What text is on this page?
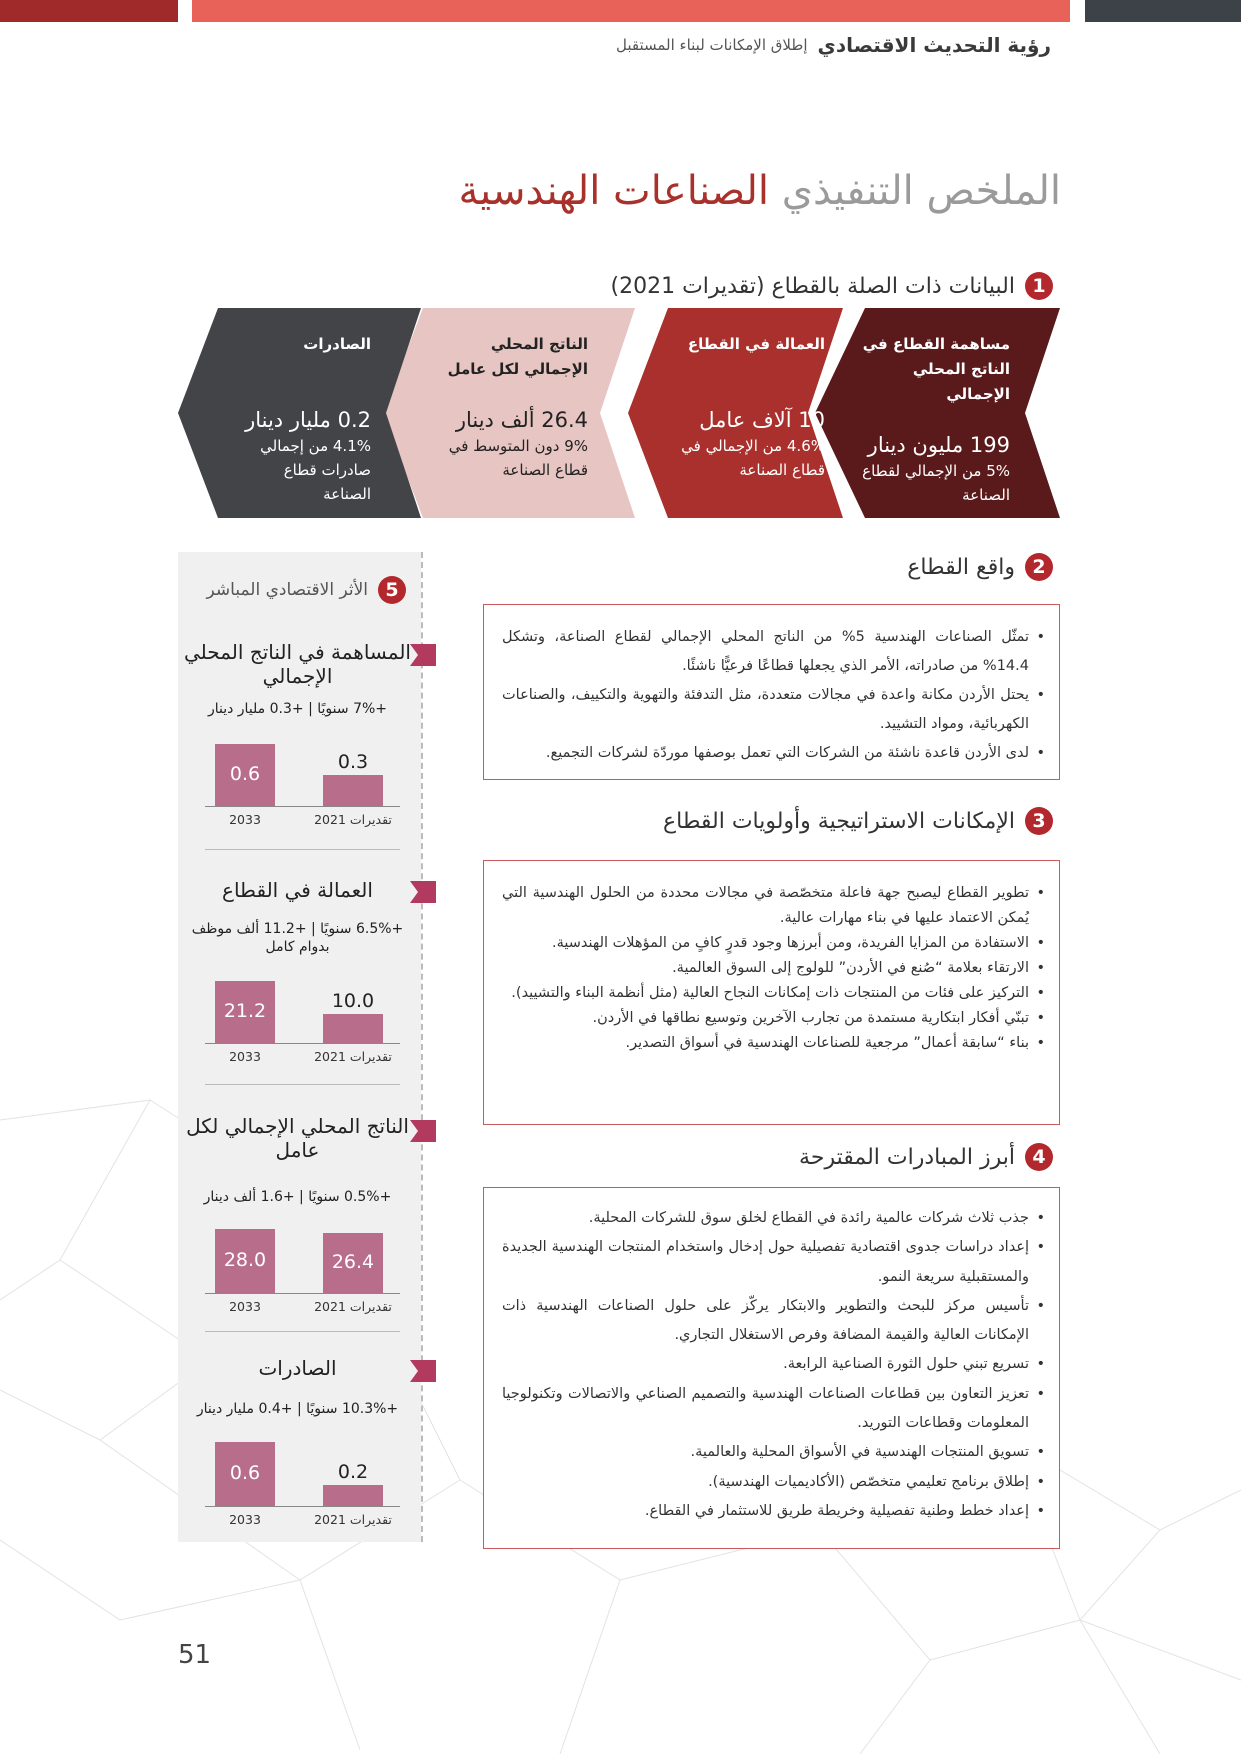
رؤية التحديث الاقتصادي
إطلاق الإمكانات لبناء المستقبل
الملخص التنفيذي الصناعات الهندسية
1
البيانات ذات الصلة بالقطاع (تقديرات 2021)
مساهمة القطاع في الناتج المحلي الإجمالي
199 مليون دينار
5% من الإجمالي لقطاع الصناعة
العمالة في القطاع
10 آلاف عامل
4.6% من الإجمالي في قطاع الصناعة
الناتج المحلي الإجمالي لكل عامل
26.4 ألف دينار
9% دون المتوسط في قطاع الصناعة
الصادرات
0.2 مليار دينار
4.1% من إجمالي صادرات قطاع الصناعة
2
واقع القطاع
• تمثّل الصناعات الهندسية 5% من الناتج المحلي الإجمالي لقطاع الصناعة، وتشكل 14.4% من صادراته، الأمر الذي يجعلها قطاعًا فرعيًّا ناشئًا.
• يحتل الأردن مكانة واعدة في مجالات متعددة، مثل التدفئة والتهوية والتكييف، والصناعات الكهربائية، ومواد التشييد.
• لدى الأردن قاعدة ناشئة من الشركات التي تعمل بوصفها موردّة لشركات التجميع.
3
الإمكانات الاستراتيجية وأولويات القطاع
• تطوير القطاع ليصبح جهة فاعلة متخصّصة في مجالات محددة من الحلول الهندسية التي يُمكن الاعتماد عليها في بناء مهارات عالية.
• الاستفادة من المزايا الفريدة، ومن أبرزها وجود قدرٍ كافٍ من المؤهلات الهندسية.
• الارتقاء بعلامة “صُنع في الأردن” للولوج إلى السوق العالمية.
• التركيز على فئات من المنتجات ذات إمكانات النجاح العالية (مثل أنظمة البناء والتشييد).
• تبنّي أفكار ابتكارية مستمدة من تجارب الآخرين وتوسيع نطاقها في الأردن.
• بناء “سابقة أعمال” مرجعية للصناعات الهندسية في أسواق التصدير.
4
أبرز المبادرات المقترحة
• جذب ثلاث شركات عالمية رائدة في القطاع لخلق سوق للشركات المحلية.
• إعداد دراسات جدوى اقتصادية تفصيلية حول إدخال واستخدام المنتجات الهندسية الجديدة والمستقبلية سريعة النمو.
• تأسيس مركز للبحث والتطوير والابتكار يركّز على حلول الصناعات الهندسية ذات الإمكانات العالية والقيمة المضافة وفرص الاستغلال التجاري.
• تسريع تبني حلول الثورة الصناعية الرابعة.
• تعزيز التعاون بين قطاعات الصناعات الهندسية والتصميم الصناعي والاتصالات وتكنولوجيا المعلومات وقطاعات التوريد.
• تسويق المنتجات الهندسية في الأسواق المحلية والعالمية.
• إطلاق برنامج تعليمي متخصّص (الأكاديميات الهندسية).
• إعداد خطط وطنية تفصيلية وخريطة طريق للاستثمار في القطاع.
5
الأثر الاقتصادي المباشر
المساهمة في الناتج المحلي الإجمالي
+7% سنويًا | +0.3 مليار دينار
0.6
2033
0.3
تقديرات 2021
العمالة في القطاع
+6.5% سنويًا | +11.2 ألف موظف بدوام كامل
21.2
2033
10.0
تقديرات 2021
الناتج المحلي الإجمالي لكل عامل
+0.5% سنويًا | +1.6 ألف دينار
28.0
2033
26.4
تقديرات 2021
الصادرات
+10.3% سنويًا | +0.4 مليار دينار
0.6
2033
0.2
تقديرات 2021
51
